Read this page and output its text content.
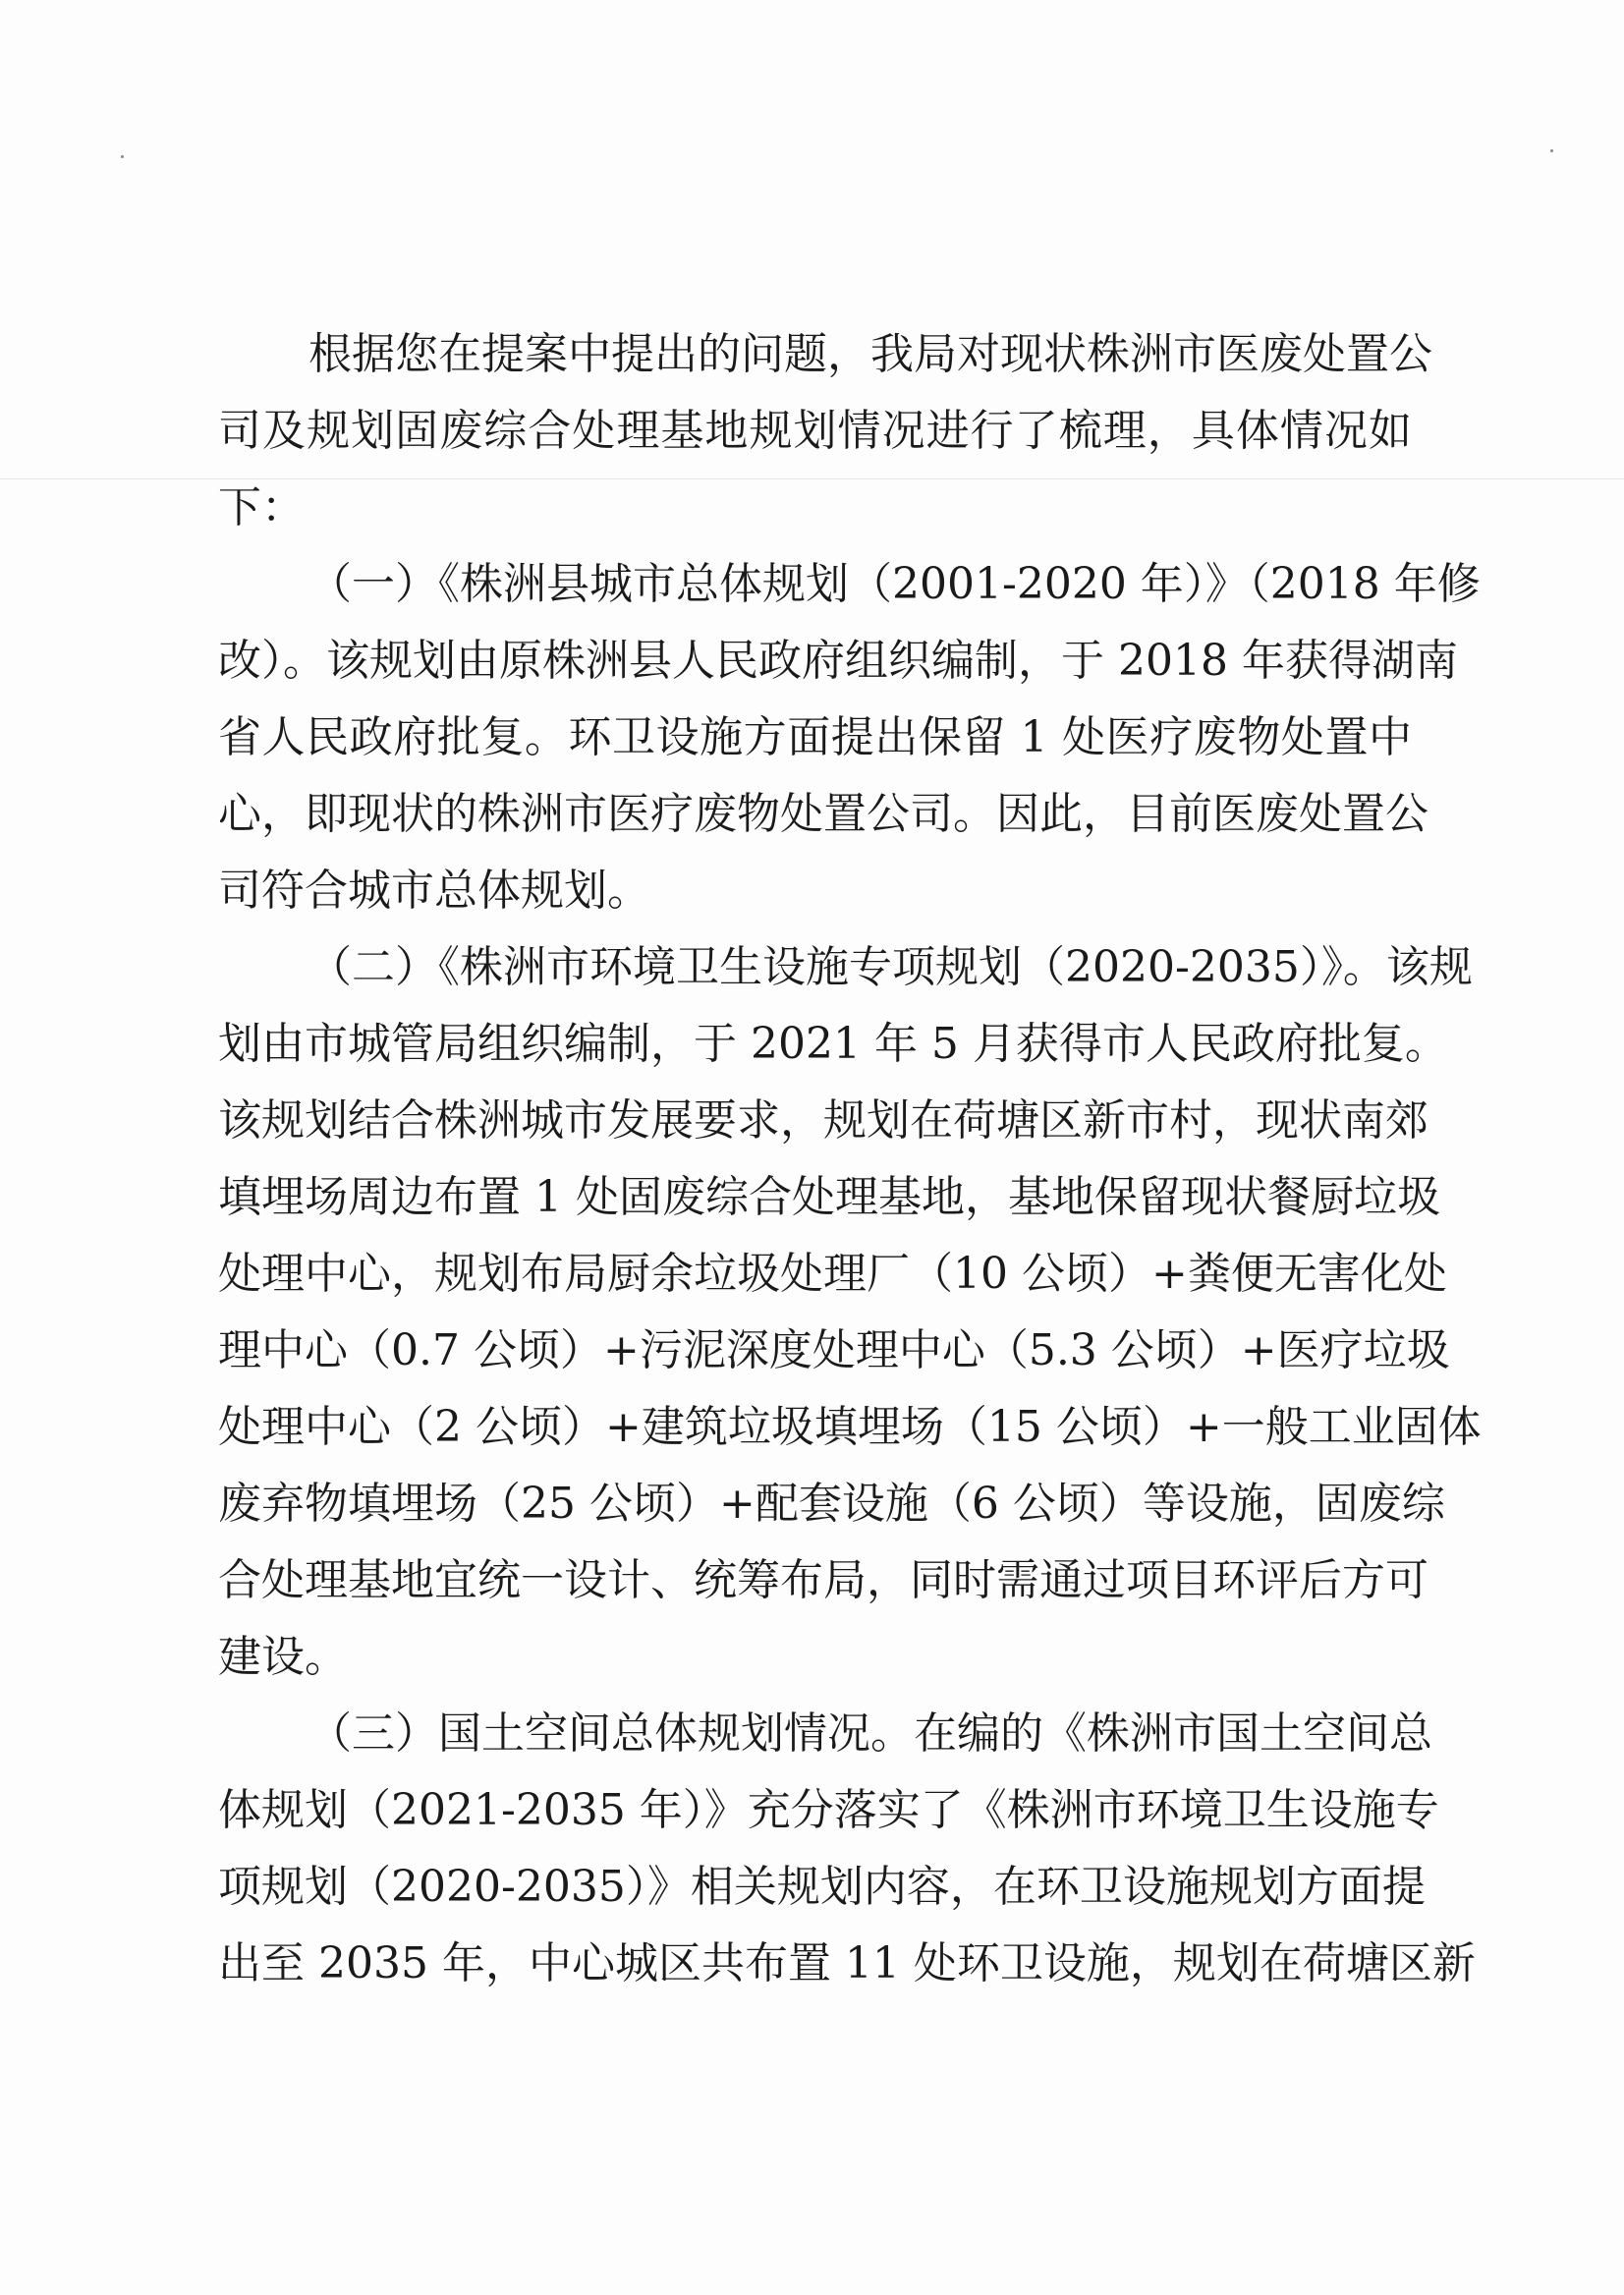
根据您在提案中提出的问题，我局对现状株洲市医废处置公
司及规划固废综合处理基地规划情况进行了梳理，具体情况如
下：
（一）《株洲县城市总体规划（2001-2020 年）》（2018 年修
改）。该规划由原株洲县人民政府组织编制，于 2018 年获得湖南
省人民政府批复。环卫设施方面提出保留 1 处医疗废物处置中
心，即现状的株洲市医疗废物处置公司。因此，目前医废处置公
司符合城市总体规划。
（二）《株洲市环境卫生设施专项规划（2020-2035）》。该规
划由市城管局组织编制，于 2021 年 5 月获得市人民政府批复。
该规划结合株洲城市发展要求，规划在荷塘区新市村，现状南郊
填埋场周边布置 1 处固废综合处理基地，基地保留现状餐厨垃圾
处理中心，规划布局厨余垃圾处理厂（10 公顷）+粪便无害化处
理中心（0.7 公顷）+污泥深度处理中心（5.3 公顷）+医疗垃圾
处理中心（2 公顷）+建筑垃圾填埋场（15 公顷）+一般工业固体
废弃物填埋场（25 公顷）+配套设施（6 公顷）等设施，固废综
合处理基地宜统一设计、统筹布局，同时需通过项目环评后方可
建设。
（三）国土空间总体规划情况。在编的《株洲市国土空间总
体规划（2021-2035 年）》充分落实了《株洲市环境卫生设施专
项规划（2020-2035）》相关规划内容，在环卫设施规划方面提
出至 2035 年，中心城区共布置 11 处环卫设施，规划在荷塘区新
